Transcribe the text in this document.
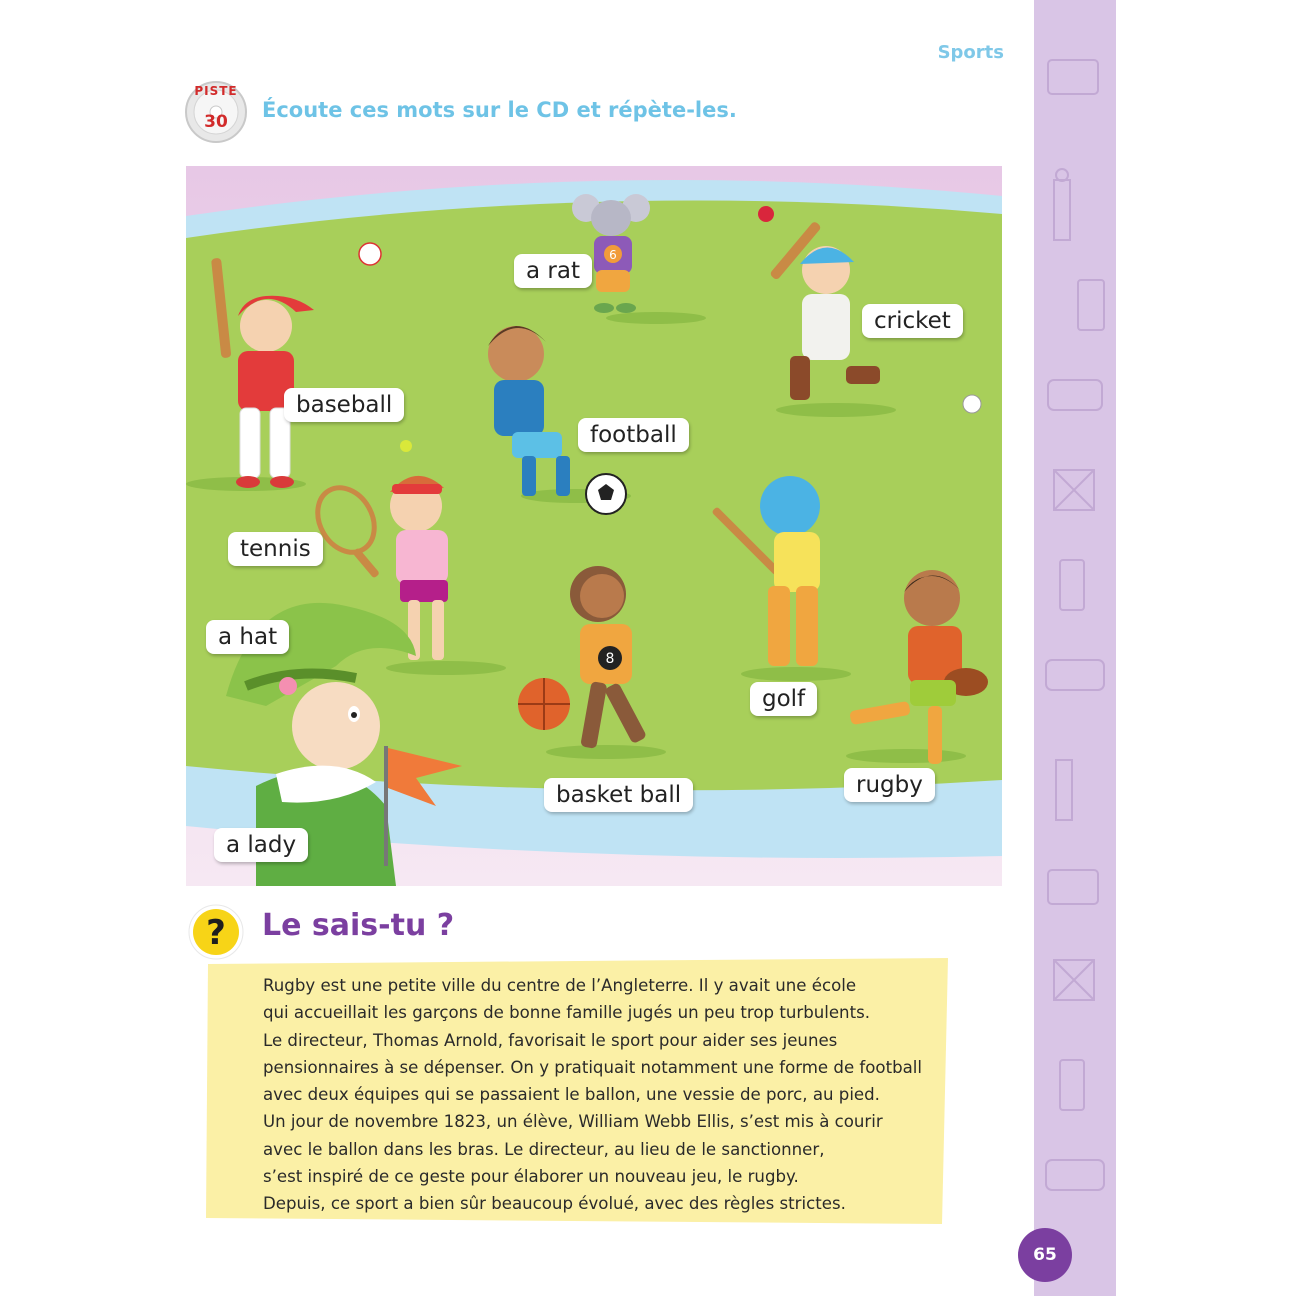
Sports
PISTE
30	Écoute ces mots sur le CD et répète-les.
6
8
a rat
cricket
baseball
football
tennis
a hat
golf
rugby
basket ball
a lady
? Le sais-tu ?

Rugby est une petite ville du centre de l’Angleterre. Il y avait une école

qui accueillait les garçons de bonne famille jugés un peu trop turbulents.

Le directeur, Thomas Arnold, favorisait le sport pour aider ses jeunes

pensionnaires à se dépenser. On y pratiquait notamment une forme de football

avec deux équipes qui se passaient le ballon, une vessie de porc, au pied.

Un jour de novembre 1823, un élève, William Webb Ellis, s’est mis à courir

avec le ballon dans les bras. Le directeur, au lieu de le sanctionner,

s’est inspiré de ce geste pour élaborer un nouveau jeu, le rugby.

Depuis, ce sport a bien sûr beaucoup évolué, avec des règles strictes.

65
